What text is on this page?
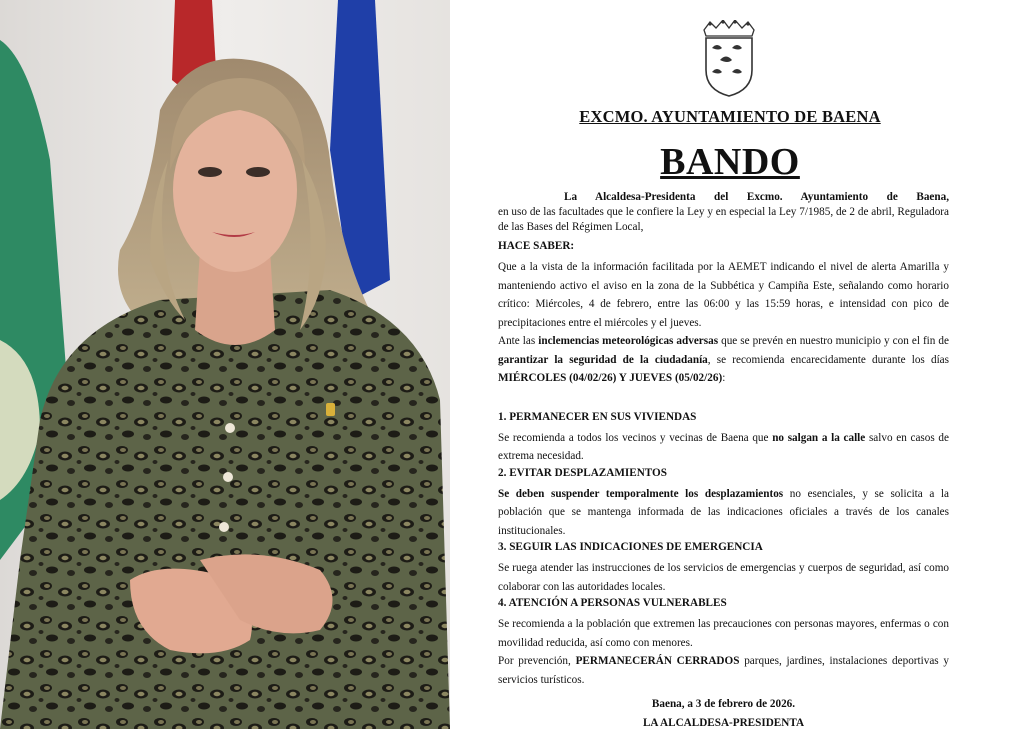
EXCMO. AYUNTAMIENTO DE BAENA
BANDO

La Alcaldesa-Presidenta del Excmo. Ayuntamiento de Baena,

en uso de las facultades que le confiere la Ley y en especial la Ley 7/1985, de 2 de abril, Reguladora de las Bases del Régimen Local,

HACE SABER:

Que a la vista de la información facilitada por la AEMET indicando el nivel de alerta Amarilla y manteniendo activo el aviso en la zona de la Subbética y Campiña Este, señalando como horario crítico: Miércoles, 4 de febrero, entre las 06:00 y las 15:59 horas, e intensidad con pico de precipitaciones entre el miércoles y el jueves.

Ante las inclemencias meteorológicas adversas que se prevén en nuestro municipio y con el fin de garantizar la seguridad de la ciudadanía, se recomienda encarecidamente durante los días MIÉRCOLES (04/02/26) Y JUEVES (05/02/26):

1. PERMANECER EN SUS VIVIENDAS

Se recomienda a todos los vecinos y vecinas de Baena que no salgan a la calle salvo en casos de extrema necesidad.

2. EVITAR DESPLAZAMIENTOS

Se deben suspender temporalmente los desplazamientos no esenciales, y se solicita a la población que se mantenga informada de las indicaciones oficiales a través de los canales institucionales.

3. SEGUIR LAS INDICACIONES DE EMERGENCIA

Se ruega atender las instrucciones de los servicios de emergencias y cuerpos de seguridad, así como colaborar con las autoridades locales.

4. ATENCIÓN A PERSONAS VULNERABLES

Se recomienda a la población que extremen las precauciones con personas mayores, enfermas o con movilidad reducida, así como con menores.

Por prevención, PERMANECERÁN CERRADOS parques, jardines, instalaciones deportivas y servicios turísticos.

Baena, a 3 de febrero de 2026.

LA ALCALDESA-PRESIDENTA
